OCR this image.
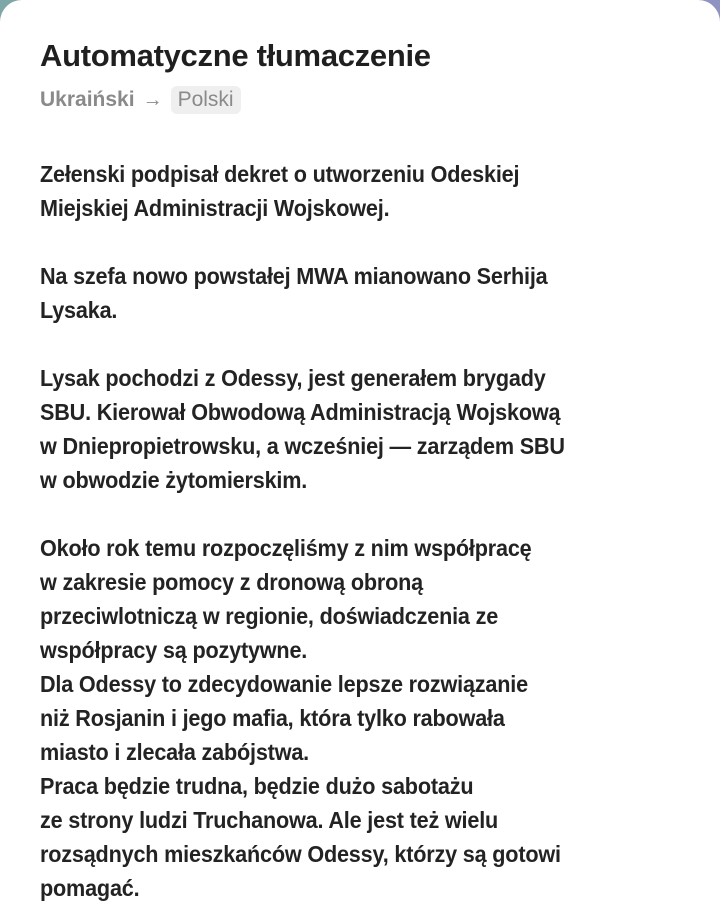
Automatyczne tłumaczenie
Ukraiński → Polski

Zełenski podpisał dekret o utworzeniu Odeskiej
Miejskiej Administracji Wojskowej.

Na szefa nowo powstałej MWA mianowano Serhija
Lysaka.

Lysak pochodzi z Odessy, jest generałem brygady
SBU. Kierował Obwodową Administracją Wojskową
w Dniepropietrowsku, a wcześniej — zarządem SBU
w obwodzie żytomierskim.

Około rok temu rozpoczęliśmy z nim współpracę
w zakresie pomocy z dronową obroną
przeciwlotniczą w regionie, doświadczenia ze
współpracy są pozytywne.
Dla Odessy to zdecydowanie lepsze rozwiązanie
niż Rosjanin i jego mafia, która tylko rabowała
miasto i zlecała zabójstwa.
Praca będzie trudna, będzie dużo sabotażu
ze strony ludzi Truchanowa. Ale jest też wielu
rozsądnych mieszkańców Odessy, którzy są gotowi
pomagać.
